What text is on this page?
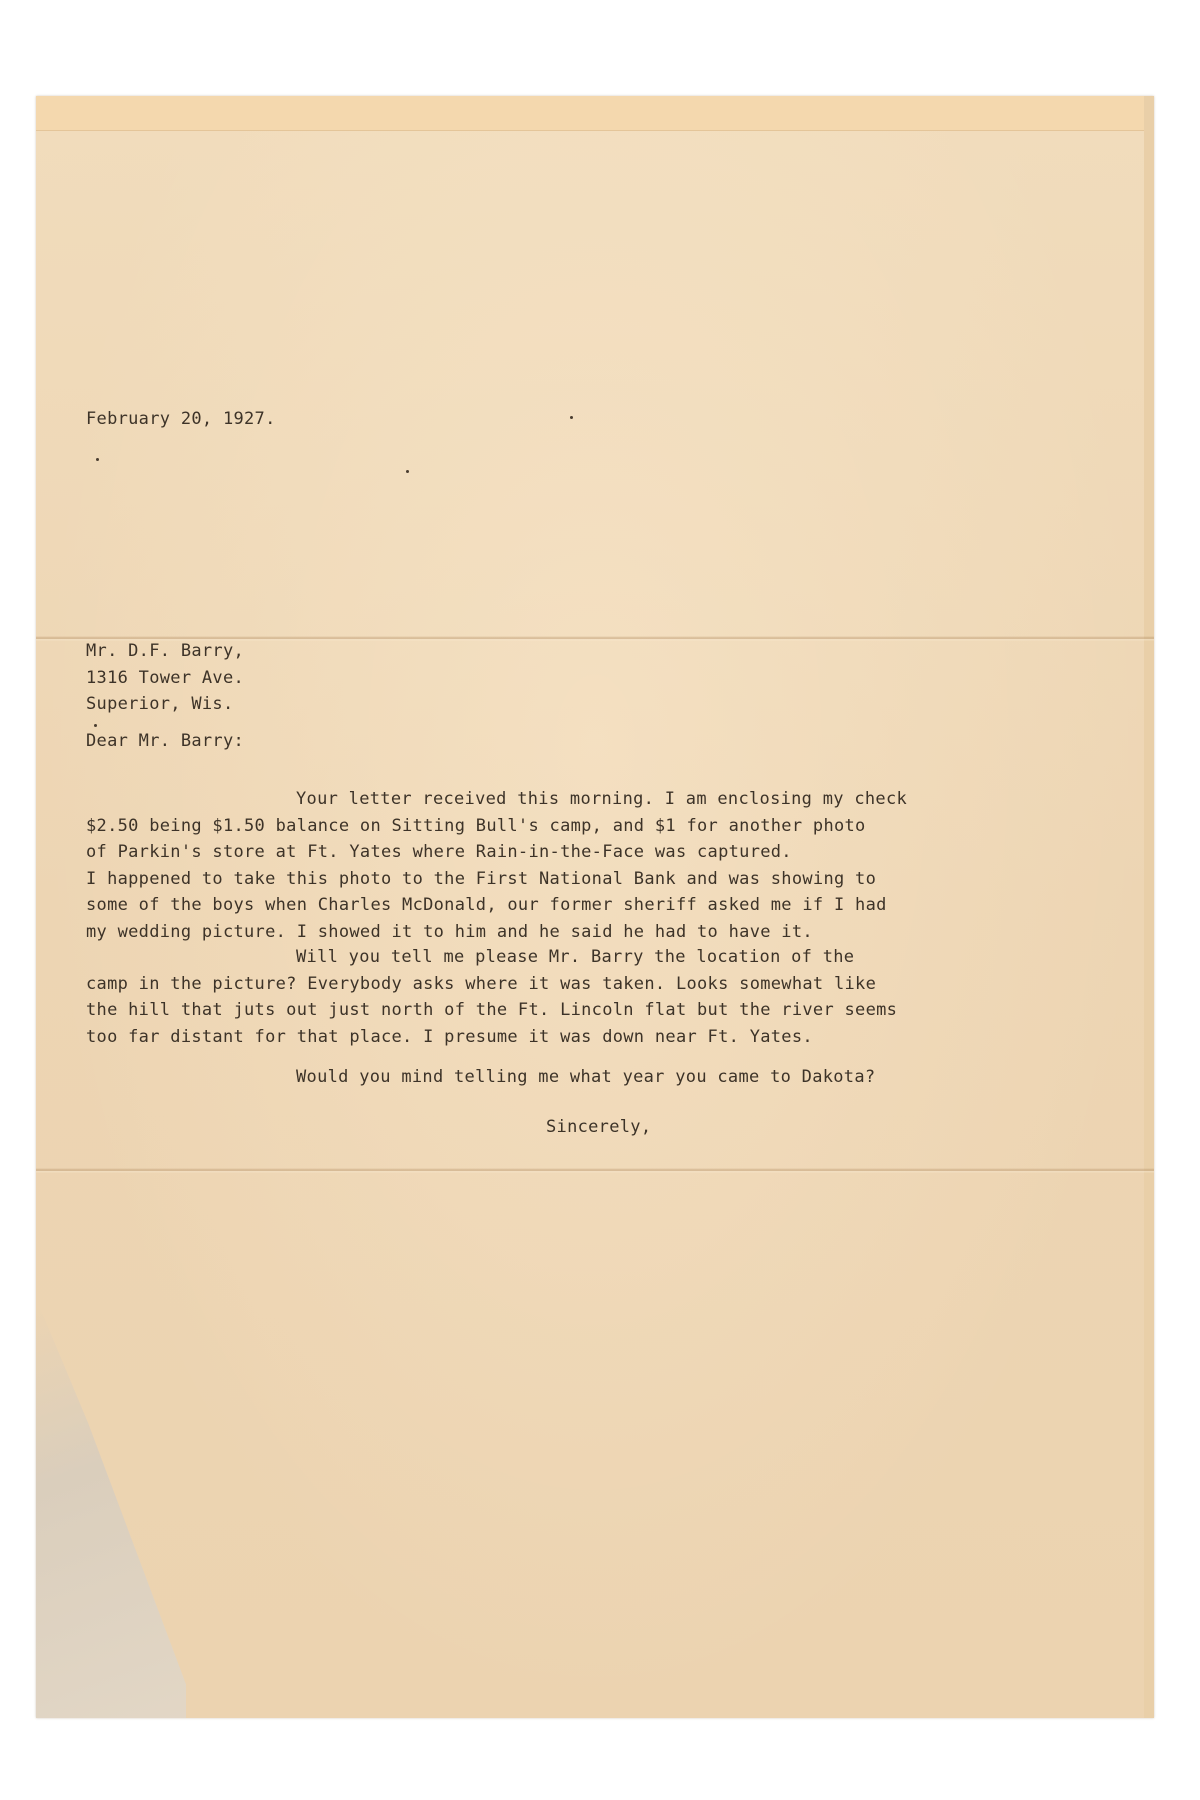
February 20, 1927.
Mr. D.F. Barry,
1316 Tower Ave.
Superior, Wis.
Dear Mr. Barry:
Your letter received this morning. I am enclosing my check
$2.50 being $1.50 balance on Sitting Bull's camp, and $1 for another photo
of Parkin's store at Ft. Yates where Rain-in-the-Face was captured.
I happened to take this photo to the First National Bank and was showing to
some of the boys when Charles McDonald, our former sheriff asked me if I had
my wedding picture. I showed it to him and he said he had to have it.
Will you tell me please Mr. Barry the location of the
camp in the picture? Everybody asks where it was taken. Looks somewhat like
the hill that juts out just north of the Ft. Lincoln flat but the river seems
too far distant for that place. I presume it was down near Ft. Yates.
Would you mind telling me what year you came to Dakota?
Sincerely,
